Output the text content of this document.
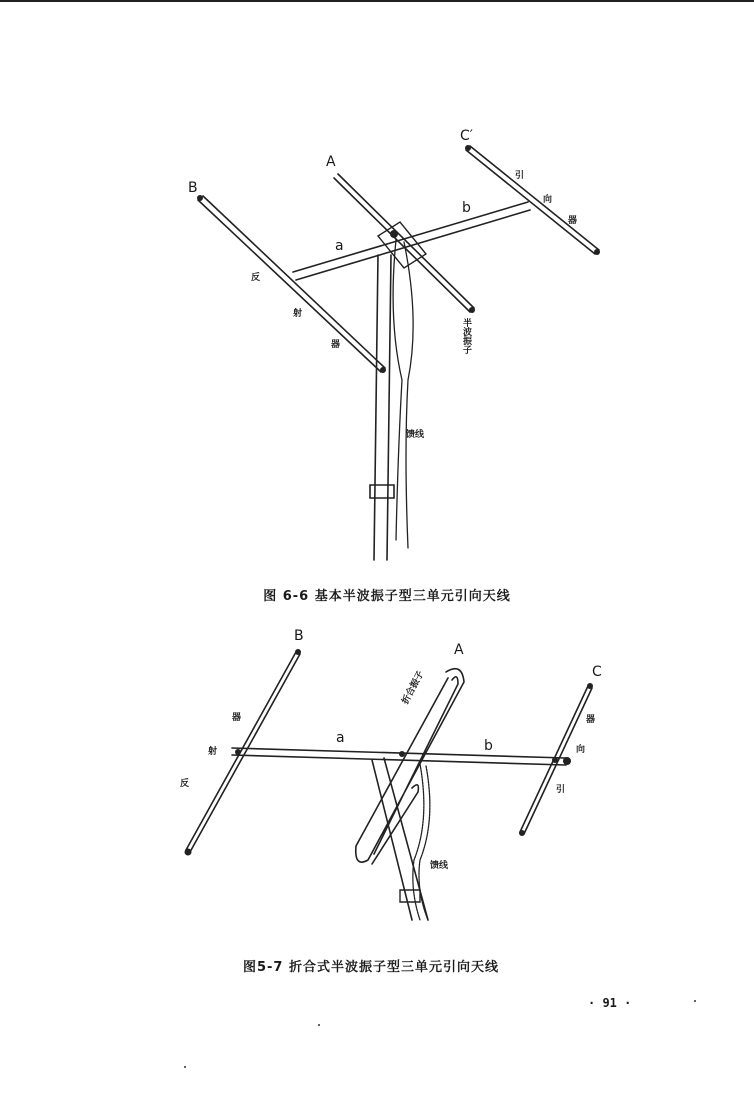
B
A
C′
a
b
反
射
器
引
向
器
半波振子
馈线
图 6-6 基本半波振子型三单元引向天线
B
A
C
a	b
反
射
器
引
向
器
折合振子
馈线
图5-7 折合式半波振子型三单元引向天线
· 91 ·
